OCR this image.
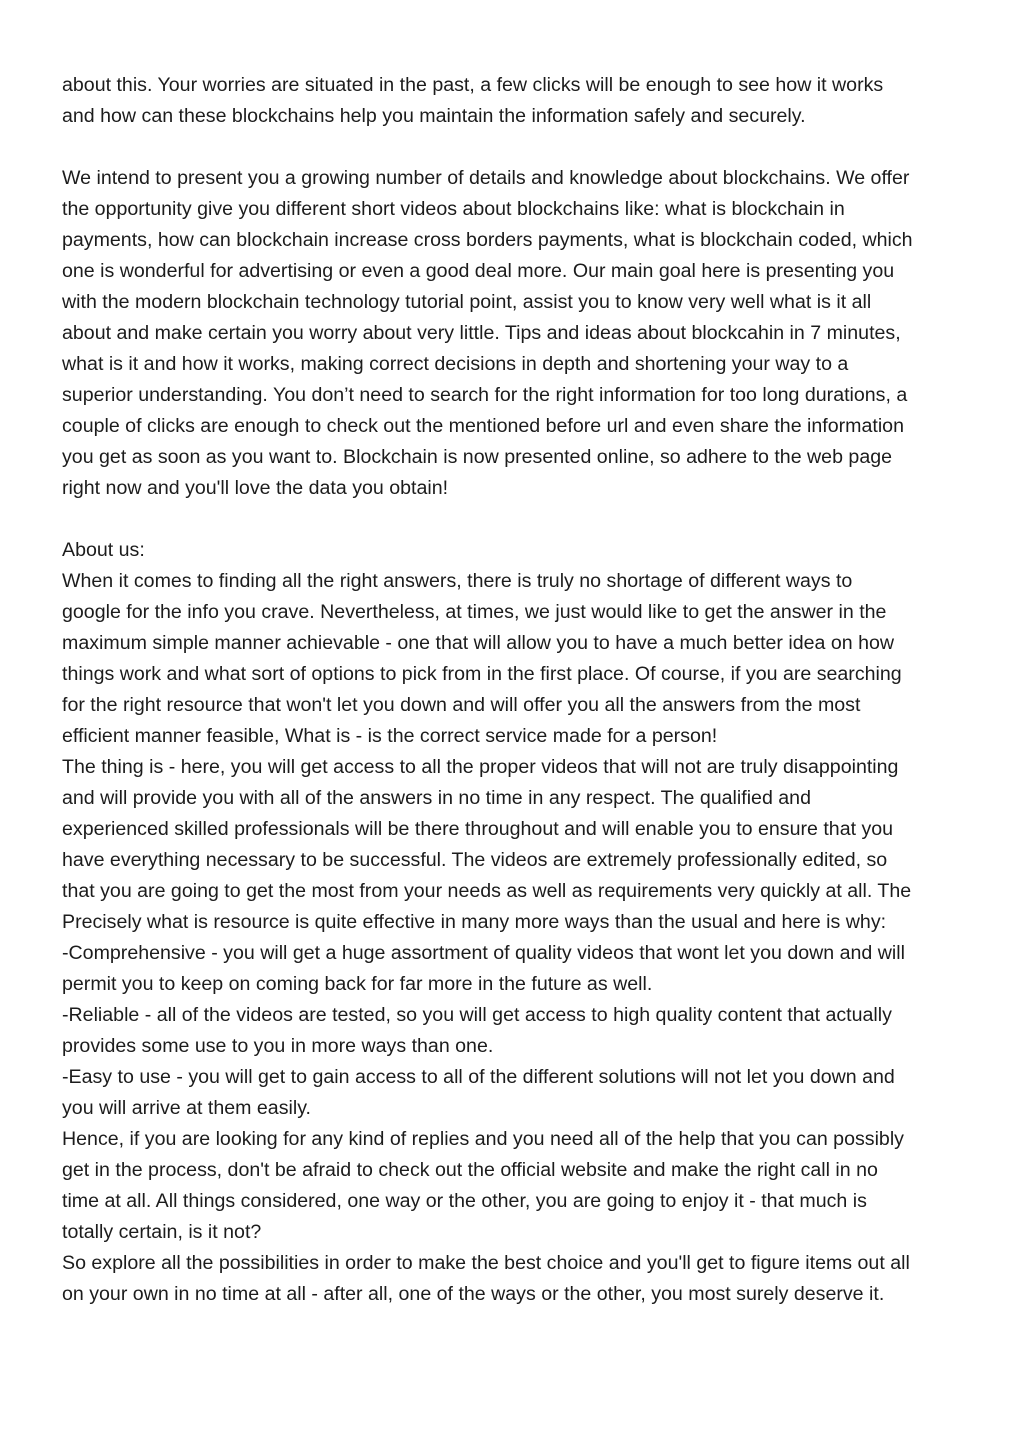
about this. Your worries are situated in the past, a few clicks will be enough to see how it works
and how can these blockchains help you maintain the information safely and securely.
We intend to present you a growing number of details and knowledge about blockchains. We offer
the opportunity give you different short videos about blockchains like: what is blockchain in
payments, how can blockchain increase cross borders payments, what is blockchain coded, which
one is wonderful for advertising or even a good deal more. Our main goal here is presenting you
with the modern blockchain technology tutorial point, assist you to know very well what is it all
about and make certain you worry about very little. Tips and ideas about blockcahin in 7 minutes,
what is it and how it works, making correct decisions in depth and shortening your way to a
superior understanding. You don’t need to search for the right information for too long durations, a
couple of clicks are enough to check out the mentioned before url and even share the information
you get as soon as you want to. Blockchain is now presented online, so adhere to the web page
right now and you'll love the data you obtain!
About us:
When it comes to finding all the right answers, there is truly no shortage of different ways to
google for the info you crave. Nevertheless, at times, we just would like to get the answer in the
maximum simple manner achievable - one that will allow you to have a much better idea on how
things work and what sort of options to pick from in the first place. Of course, if you are searching
for the right resource that won't let you down and will offer you all the answers from the most
efficient manner feasible, What is - is the correct service made for a person!
The thing is - here, you will get access to all the proper videos that will not are truly disappointing
and will provide you with all of the answers in no time in any respect. The qualified and
experienced skilled professionals will be there throughout and will enable you to ensure that you
have everything necessary to be successful. The videos are extremely professionally edited, so
that you are going to get the most from your needs as well as requirements very quickly at all. The
Precisely what is resource is quite effective in many more ways than the usual and here is why:
-Comprehensive - you will get a huge assortment of quality videos that wont let you down and will
permit you to keep on coming back for far more in the future as well.
-Reliable - all of the videos are tested, so you will get access to high quality content that actually
provides some use to you in more ways than one.
-Easy to use - you will get to gain access to all of the different solutions will not let you down and
you will arrive at them easily.
Hence, if you are looking for any kind of replies and you need all of the help that you can possibly
get in the process, don't be afraid to check out the official website and make the right call in no
time at all. All things considered, one way or the other, you are going to enjoy it - that much is
totally certain, is it not?
So explore all the possibilities in order to make the best choice and you'll get to figure items out all
on your own in no time at all - after all, one of the ways or the other, you most surely deserve it.
